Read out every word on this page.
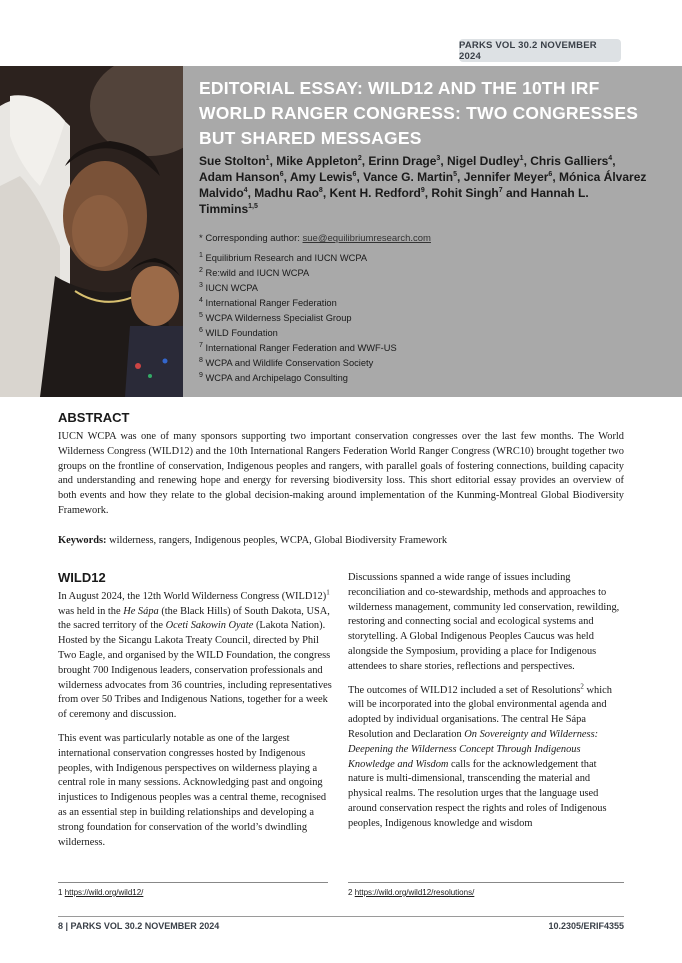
PARKS VOL 30.2 NOVEMBER 2024
EDITORIAL ESSAY: WILD12 AND THE 10TH IRF
WORLD RANGER CONGRESS: TWO CONGRESSES
BUT SHARED MESSAGES
Sue Stolton$^1$, Mike Appleton$^2$, Erinn Drage$^3$, Nigel Dudley$^1$, Chris Galliers$^4$, Adam Hanson$^6$, Amy Lewis$^6$, Vance G. Martin$^5$, Jennifer Meyer$^6$, Mónica Álvarez Malvido$^4$, Madhu Rao$^8$, Kent H. Redford$^9$, Rohit Singh$^7$ and Hannah L. Timmins$^{1,5}$
* Corresponding author: sue@equilibriumresearch.com
$^1$ Equilibrium Research and IUCN WCPA
$^2$ Re:wild and IUCN WCPA
$^3$ IUCN WCPA
$^4$ International Ranger Federation
$^5$ WCPA Wilderness Specialist Group
$^6$ WILD Foundation
$^7$ International Ranger Federation and WWF-US
$^8$ WCPA and Wildlife Conservation Society
$^9$ WCPA and Archipelago Consulting
ABSTRACT
IUCN WCPA was one of many sponsors supporting two important conservation congresses over the last few months. The World Wilderness Congress (WILD12) and the 10th International Rangers Federation World Ranger Congress (WRC10) brought together two groups on the frontline of conservation, Indigenous peoples and rangers, with parallel goals of fostering connections, building capacity and understanding and renewing hope and energy for reversing biodiversity loss. This short editorial essay provides an overview of both events and how they relate to the global decision-making around implementation of the Kunming-Montreal Global Biodiversity Framework.
Keywords: wilderness, rangers, Indigenous peoples, WCPA, Global Biodiversity Framework
WILD12

In August 2024, the 12th World Wilderness Congress (WILD12)$^1$ was held in the He Sápa (the Black Hills) of South Dakota, USA, the sacred territory of the Oceti Sakowin Oyate (Lakota Nation). Hosted by the Sicangu Lakota Treaty Council, directed by Phil Two Eagle, and organised by the WILD Foundation, the congress brought 700 Indigenous leaders, conservation professionals and wilderness advocates from 36 countries, including representatives from over 50 Tribes and Indigenous Nations, together for a week of ceremony and discussion.

This event was particularly notable as one of the largest international conservation congresses hosted by Indigenous peoples, with Indigenous perspectives on wilderness playing a central role in many sessions. Acknowledging past and ongoing injustices to Indigenous peoples was a central theme, recognised as an essential step in building relationships and developing a strong foundation for conservation of the world’s dwindling wilderness.

Discussions spanned a wide range of issues including reconciliation and co-stewardship, methods and approaches to wilderness management, community led conservation, rewilding, restoring and connecting social and ecological systems and storytelling. A Global Indigenous Peoples Caucus was held alongside the Symposium, providing a place for Indigenous attendees to share stories, reflections and perspectives.

The outcomes of WILD12 included a set of Resolutions$^2$ which will be incorporated into the global environmental agenda and adopted by individual organisations. The central He Sápa Resolution and Declaration On Sovereignty and Wilderness: Deepening the Wilderness Concept Through Indigenous Knowledge and Wisdom calls for the acknowledgement that nature is multi-dimensional, transcending the material and physical realms. The resolution urges that the language used around conservation respect the rights and roles of Indigenous peoples, Indigenous knowledge and wisdom

1 https://wild.org/wild12/	2 https://wild.org/wild12/resolutions/
8 | PARKS VOL 30.2 NOVEMBER 2024	10.2305/ERIF4355
